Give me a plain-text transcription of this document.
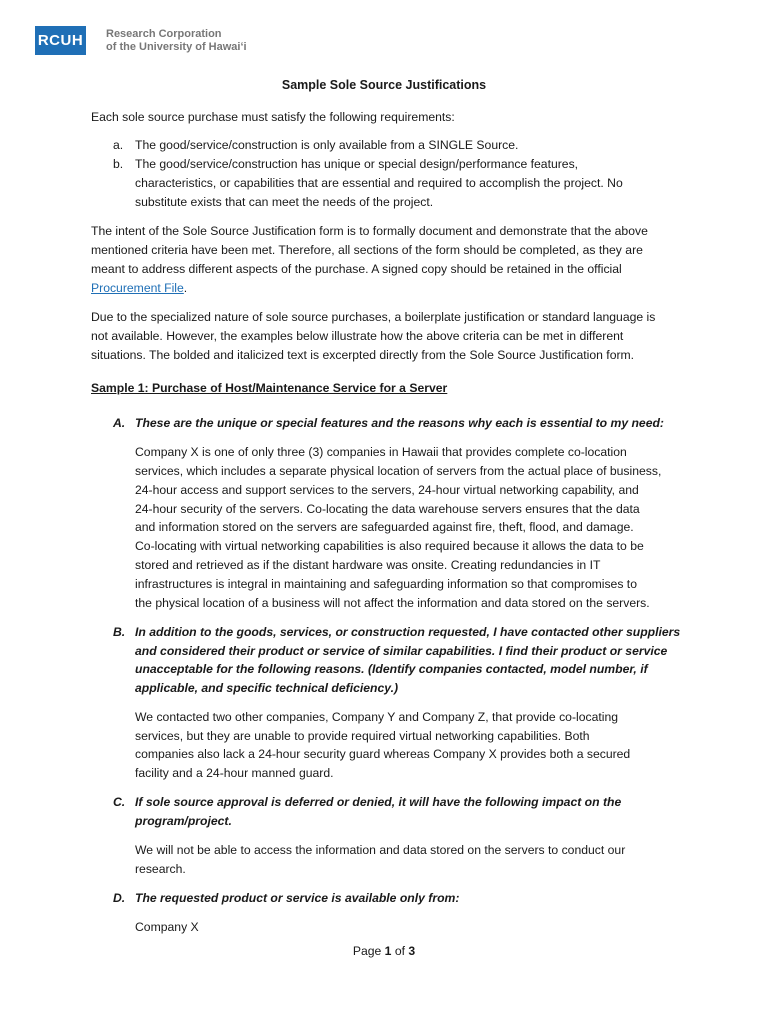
RCUH Research Corporation
of the University of Hawaiʻi
Sample Sole Source Justifications
Each sole source purchase must satisfy the following requirements:
a. The good/service/construction is only available from a SINGLE Source.
b. The good/service/construction has unique or special design/performance features,
characteristics, or capabilities that are essential and required to accomplish the project. No
substitute exists that can meet the needs of the project.
The intent of the Sole Source Justification form is to formally document and demonstrate that the above
mentioned criteria have been met. Therefore, all sections of the form should be completed, as they are
meant to address different aspects of the purchase. A signed copy should be retained in the official
Procurement File.
Due to the specialized nature of sole source purchases, a boilerplate justification or standard language is
not available. However, the examples below illustrate how the above criteria can be met in different
situations. The bolded and italicized text is excerpted directly from the Sole Source Justification form.
Sample 1: Purchase of Host/Maintenance Service for a Server
A. These are the unique or special features and the reasons why each is essential to my need:
Company X is one of only three (3) companies in Hawaii that provides complete co-location
services, which includes a separate physical location of servers from the actual place of business,
24-hour access and support services to the servers, 24-hour virtual networking capability, and
24-hour security of the servers. Co-locating the data warehouse servers ensures that the data
and information stored on the servers are safeguarded against fire, theft, flood, and damage.
Co-locating with virtual networking capabilities is also required because it allows the data to be
stored and retrieved as if the distant hardware was onsite. Creating redundancies in IT
infrastructures is integral in maintaining and safeguarding information so that compromises to
the physical location of a business will not affect the information and data stored on the servers.
B. In addition to the goods, services, or construction requested, I have contacted other suppliers
and considered their product or service of similar capabilities. I find their product or service
unacceptable for the following reasons. (Identify companies contacted, model number, if
applicable, and specific technical deficiency.)
We contacted two other companies, Company Y and Company Z, that provide co-locating
services, but they are unable to provide required virtual networking capabilities. Both
companies also lack a 24-hour security guard whereas Company X provides both a secured
facility and a 24-hour manned guard.
C. If sole source approval is deferred or denied, it will have the following impact on the
program/project.
We will not be able to access the information and data stored on the servers to conduct our
research.
D. The requested product or service is available only from:
Company X
Page 1 of 3
